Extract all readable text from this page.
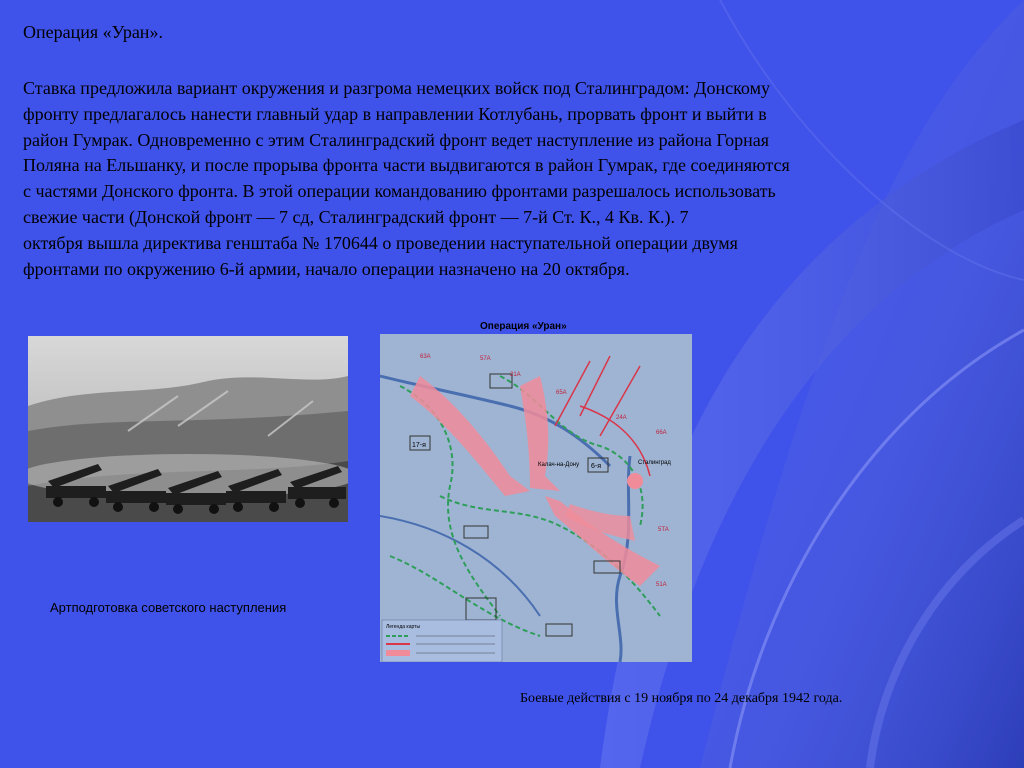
Операция «Уран».

Ставка предложила вариант окружения и разгрома немецких войск под Сталинградом: Донскому
фронту предлагалось нанести главный удар в направлении Котлубань, прорвать фронт и выйти в
район Гумрак. Одновременно с этим Сталинградский фронт ведет наступление из района Горная
Поляна на Ельшанку, и после прорыва фронта части выдвигаются в район Гумрак, где соединяются
с частями Донского фронта. В этой операции командованию фронтами разрешалось использовать
свежие части (Донской фронт — 7 сд, Сталинградский фронт — 7-й Ст. К., 4 Кв. К.). 7
октября вышла директива генштаба № 170644 о проведении наступательной операции двумя
фронтами по окружению 6-й армии, начало операции назначено на 20 октября.
Артподготовка советского наступления
Операция «Уран»
17-я
6-я	Сталинград
Калач-на-Дону
63А	57А
21А
65А
24А
66А
51А
5ТА
Легенда карты
Боевые действия с 19 ноября по 24 декабря 1942 года.
